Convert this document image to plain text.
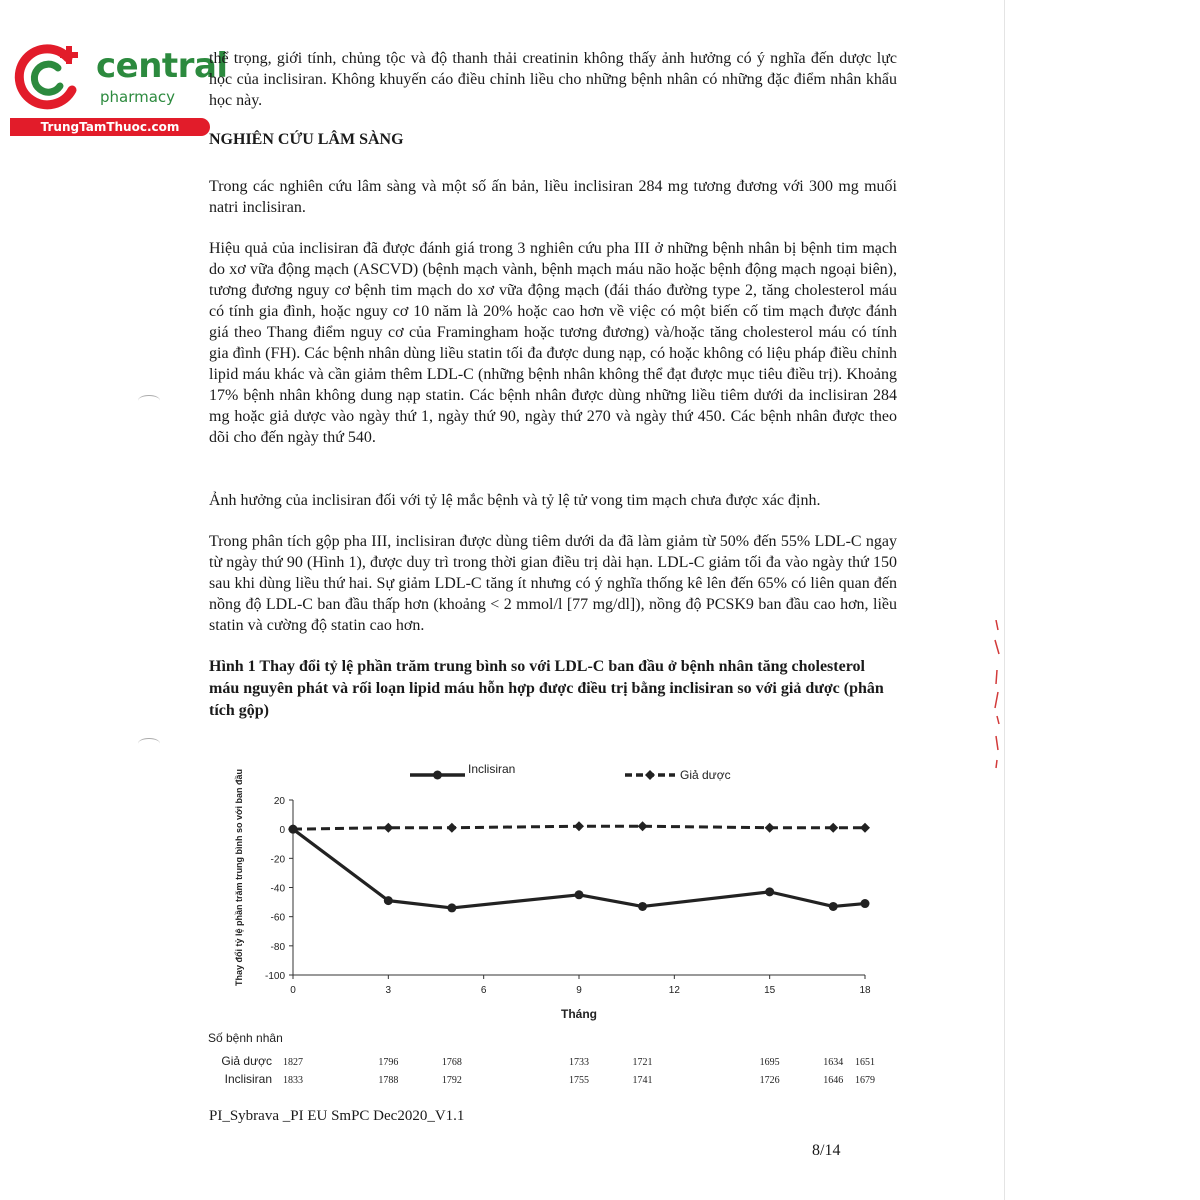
central
pharmacy
TrungTamThuoc.com
thể trọng, giới tính, chủng tộc và độ thanh thải creatinin không thấy ảnh hưởng có ý nghĩa đến dược lực học của inclisiran. Không khuyến cáo điều chỉnh liều cho những bệnh nhân có những đặc điểm nhân khẩu học này.
NGHIÊN CỨU LÂM SÀNG
Trong các nghiên cứu lâm sàng và một số ấn bản, liều inclisiran 284 mg tương đương với 300 mg muối natri inclisiran.
Hiệu quả của inclisiran đã được đánh giá trong 3 nghiên cứu pha III ở những bệnh nhân bị bệnh tim mạch do xơ vữa động mạch (ASCVD) (bệnh mạch vành, bệnh mạch máu não hoặc bệnh động mạch ngoại biên), tương đương nguy cơ bệnh tim mạch do xơ vữa động mạch (đái tháo đường type 2, tăng cholesterol máu có tính gia đình, hoặc nguy cơ 10 năm là 20% hoặc cao hơn về việc có một biến cố tim mạch được đánh giá theo Thang điểm nguy cơ của Framingham hoặc tương đương) và/hoặc tăng cholesterol máu có tính gia đình (FH). Các bệnh nhân dùng liều statin tối đa được dung nạp, có hoặc không có liệu pháp điều chỉnh lipid máu khác và cần giảm thêm LDL-C (những bệnh nhân không thể đạt được mục tiêu điều trị). Khoảng 17% bệnh nhân không dung nạp statin. Các bệnh nhân được dùng những liều tiêm dưới da inclisiran 284 mg hoặc giả dược vào ngày thứ 1, ngày thứ 90, ngày thứ 270 và ngày thứ 450. Các bệnh nhân được theo dõi cho đến ngày thứ 540.
Ảnh hưởng của inclisiran đối với tỷ lệ mắc bệnh và tỷ lệ tử vong tim mạch chưa được xác định.
Trong phân tích gộp pha III, inclisiran được dùng tiêm dưới da đã làm giảm từ 50% đến 55% LDL-C ngay từ ngày thứ 90 (Hình 1), được duy trì trong thời gian điều trị dài hạn. LDL-C giảm tối đa vào ngày thứ 150 sau khi dùng liều thứ hai. Sự giảm LDL-C tăng ít nhưng có ý nghĩa thống kê lên đến 65% có liên quan đến nồng độ LDL-C ban đầu thấp hơn (khoảng < 2 mmol/l [77 mg/dl]), nồng độ PCSK9 ban đầu cao hơn, liều statin và cường độ statin cao hơn.
Hình 1 Thay đổi tỷ lệ phần trăm trung bình so với LDL-C ban đầu ở bệnh nhân tăng cholesterol máu nguyên phát và rối loạn lipid máu hỗn hợp được điều trị bằng inclisiran so với giả dược (phân tích gộp)
20
0
-20
-40
-60
-80
-100
0	3	6	9	12	15	18
Tháng
Thay đổi tỷ lệ phần trăm trung bình so với ban đầu
Inclisiran	Giả dược
Số bệnh nhân
Giả dược 1827	1796	1768	1733	1721	1695	1634 1651
Inclisiran 1833	1788	1792	1755	1741	1726	1646 1679
PI_Sybrava _PI EU SmPC Dec2020_V1.1
8/14
